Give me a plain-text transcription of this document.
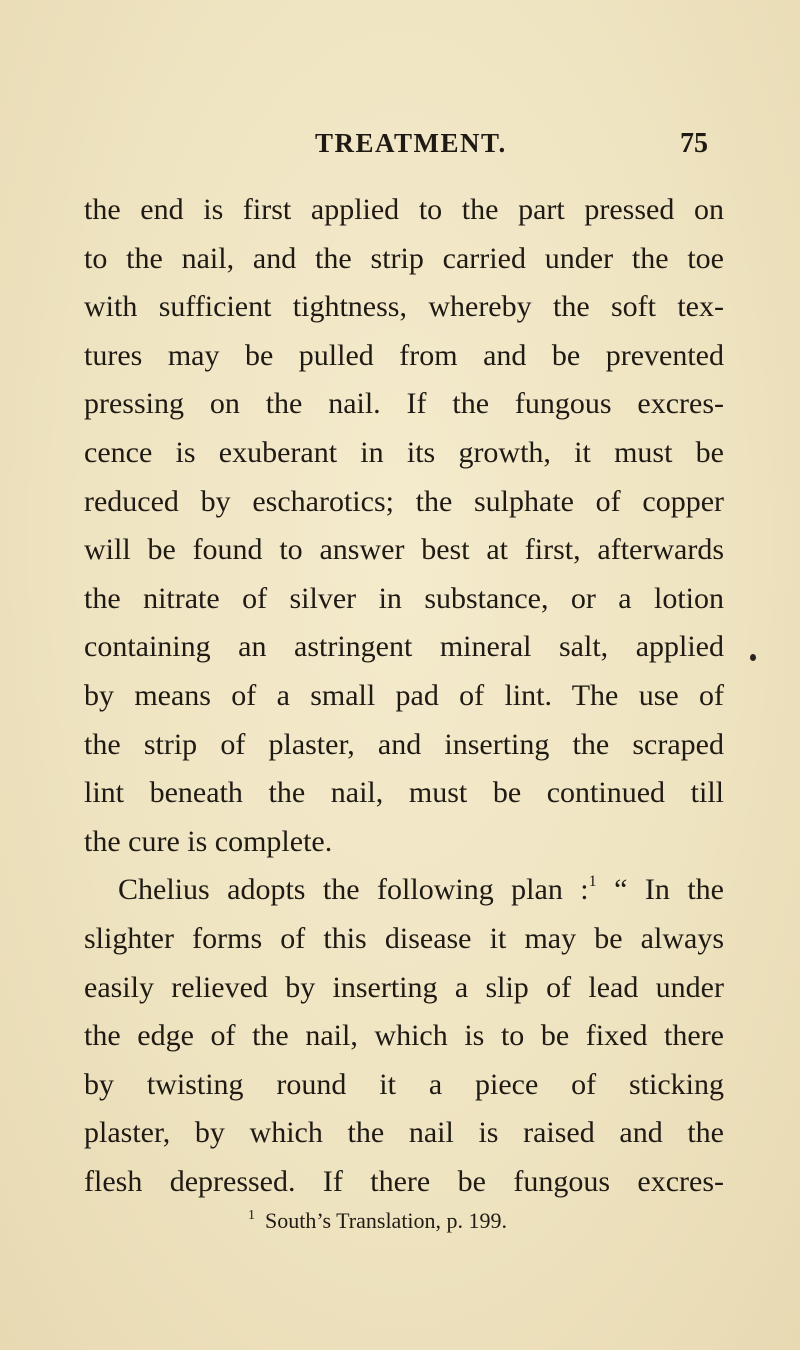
TREATMENT.	75
the end is first applied to the part pressed on
to the nail, and the strip carried under the toe
with sufficient tightness, whereby the soft tex-
tures may be pulled from and be prevented
pressing on the nail. If the fungous excres-
cence is exuberant in its growth, it must be
reduced by escharotics; the sulphate of copper
will be found to answer best at first, afterwards
the nitrate of silver in substance, or a lotion
containing an astringent mineral salt, applied
by means of a small pad of lint. The use of
the strip of plaster, and inserting the scraped
lint beneath the nail, must be continued till
the cure is complete.
Chelius adopts the following plan :$^1$ “ In the
slighter forms of this disease it may be always
easily relieved by inserting a slip of lead under
the edge of the nail, which is to be fixed there
by twisting round it a piece of sticking
plaster, by which the nail is raised and the
flesh depressed. If there be fungous excres-

$^1$ South’s Translation, p. 199.
